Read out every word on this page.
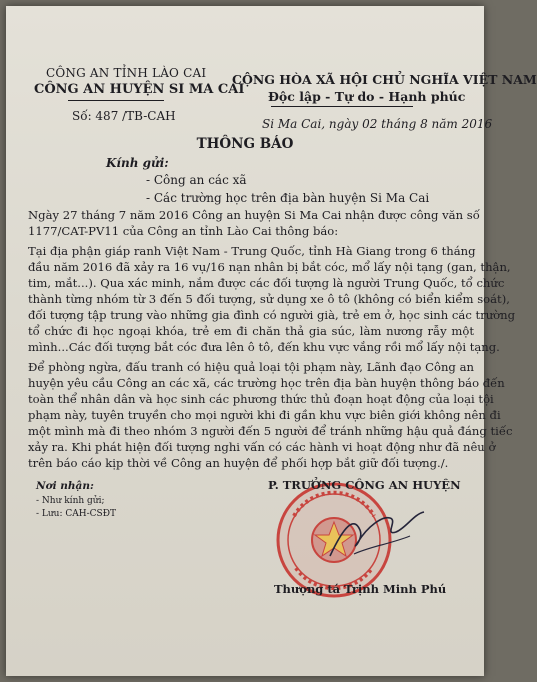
CÔNG AN TỈNH LÀO CAI
CÔNG AN HUYỆN SI MA CAI
Số: 487 /TB-CAH
CỘNG HÒA XÃ HỘI CHỦ NGHĨA VIỆT NAM
Độc lập - Tự do - Hạnh phúc
Si Ma Cai, ngày 02 tháng 8 năm 2016
THÔNG BÁO
Kính gửi:
- Công an các xã
- Các trường học trên địa bàn huyện Si Ma Cai
Ngày 27 tháng 7 năm 2016 Công an huyện Si Ma Cai nhận được công văn số
1177/CAT-PV11 của Công an tỉnh Lào Cai thông báo:
Tại địa phận giáp ranh Việt Nam - Trung Quốc, tỉnh Hà Giang trong 6 tháng
đầu năm 2016 đã xảy ra 16 vụ/16 nạn nhân bị bắt cóc, mổ lấy nội tạng (gan, thận,
tim, mắt...). Qua xác minh, nắm được các đối tượng là người Trung Quốc, tổ chức
thành từng nhóm từ 3 đến 5 đối tượng, sử dụng xe ô tô (không có biển kiểm soát),
đối tượng tập trung vào những gia đình có người già, trẻ em ở, học sinh các trường
tổ chức đi học ngoại khóa, trẻ em đi chăn thả gia súc, làm nương rẫy một
mình...Các đối tượng bắt cóc đưa lên ô tô, đến khu vực vắng rồi mổ lấy nội tạng.
Để phòng ngừa, đấu tranh có hiệu quả loại tội phạm này, Lãnh đạo Công an
huyện yêu cầu Công an các xã, các trường học trên địa bàn huyện thông báo đến
toàn thể nhân dân và học sinh các phương thức thủ đoạn hoạt động của loại tội
phạm này, tuyên truyền cho mọi người khi đi gần khu vực biên giới không nên đi
một mình mà đi theo nhóm 3 người đến 5 người để tránh những hậu quả đáng tiếc
xảy ra. Khi phát hiện đối tượng nghi vấn có các hành vi hoạt động như đã nêu ở
trên báo cáo kịp thời về Công an huyện để phối hợp bắt giữ đối tượng./.
Nơi nhận:
- Như kính gửi;
- Lưu: CAH-CSĐT
P. TRƯỞNG CÔNG AN HUYỆN
Thượng tá Trịnh Minh Phú
